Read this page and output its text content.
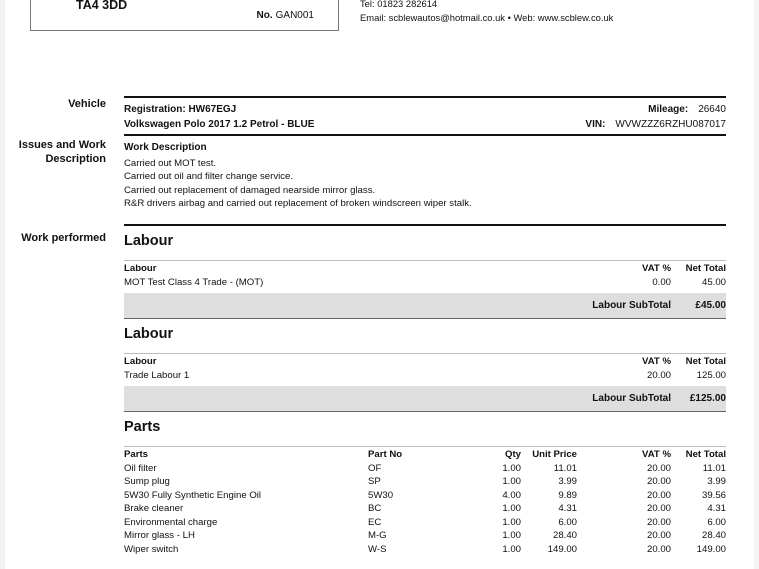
TA4 3DD
No. GAN001
Tel: 01823 282614
Email: scblewautos@hotmail.co.uk • Web: www.scblew.co.uk
Vehicle
Issues and Work
Description
Work performed
Registration: HW67EGJ
Volkswagen Polo 2017 1.2 Petrol - BLUE
Mileage: 26640
VIN: WVWZZZ6RZHU087017
Work Description
Carried out MOT test.
Carried out oil and filter change service.
Carried out replacement of damaged nearside mirror glass.
R&R drivers airbag and carried out replacement of broken windscreen wiper stalk.
Labour
Labour	VAT %	Net Total
MOT Test Class 4 Trade - (MOT)	0.00	45.00
Labour SubTotal £45.00
Labour
Labour	VAT %	Net Total
Trade Labour 1	20.00	125.00
Labour SubTotal £125.00
Parts
Parts	Part No	Qty	Unit Price	VAT %	Net Total
Oil filter	OF	1.00	11.01	20.00	11.01
Sump plug	SP	1.00	3.99	20.00	3.99
5W30 Fully Synthetic Engine Oil	5W30	4.00	9.89	20.00	39.56
Brake cleaner	BC	1.00	4.31	20.00	4.31
Environmental charge	EC	1.00	6.00	20.00	6.00
Mirror glass - LH	M-G	1.00	28.40	20.00	28.40
Wiper switch	W-S	1.00	149.00	20.00	149.00
